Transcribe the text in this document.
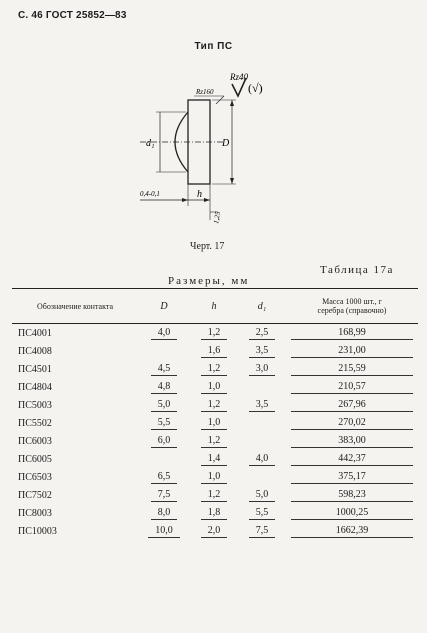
С. 46 ГОСТ 25852—83
Тип ПС
d₁	D
h
0,4-0,1
1,25
Rz160
Rz40
(√)
Черт. 17
Таблица 17а
Размеры, мм
Обозначение контакта	D	h	d₁	Масса 1000 шт., г
серебра (справочно)

ПС4001	4,0	1,2	2,5	168,99
ПС4008		1,6	3,5	231,00
ПС4501	4,5	1,2	3,0	215,59
ПС4804	4,8	1,0		210,57
ПС5003	5,0	1,2	3,5	267,96
ПС5502	5,5	1,0		270,02
ПС6003	6,0	1,2		383,00
ПС6005		1,4	4,0	442,37
ПС6503	6,5	1,0		375,17
ПС7502	7,5	1,2	5,0	598,23
ПС8003	8,0	1,8	5,5	1000,25
ПС10003	10,0	2,0	7,5	1662,39
